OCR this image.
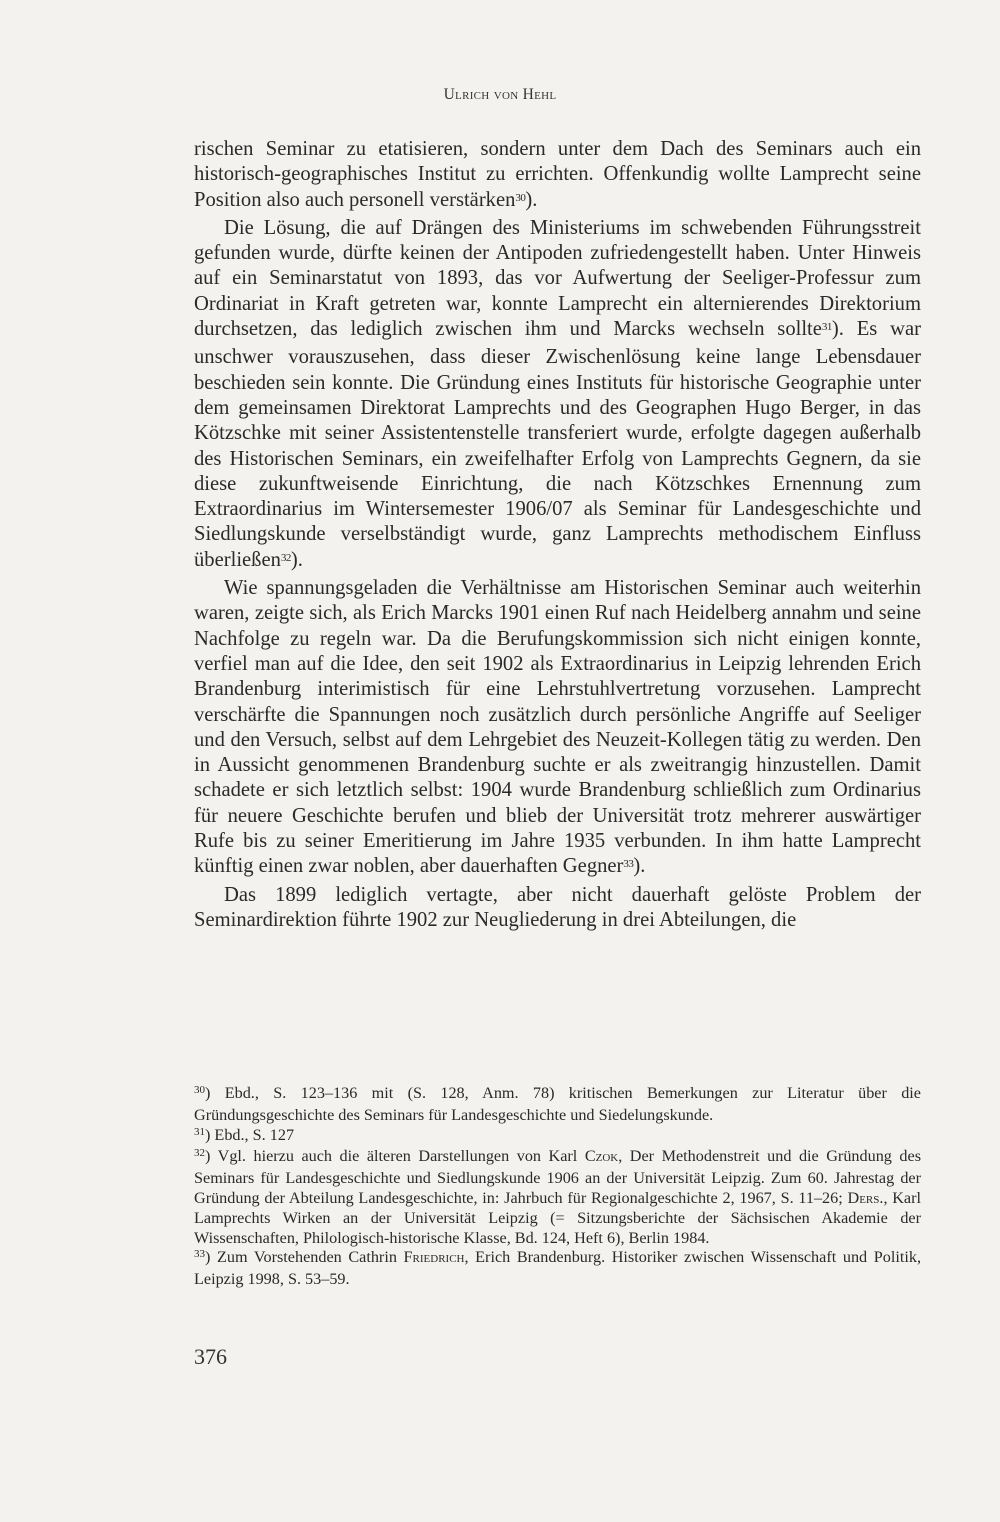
Ulrich von Hehl

rischen Seminar zu etatisieren, sondern unter dem Dach des Seminars auch ein historisch-geographisches Institut zu errichten. Offenkundig wollte Lamprecht seine Position also auch personell verstärken$^{30}$).

Die Lösung, die auf Drängen des Ministeriums im schwebenden Führungsstreit gefunden wurde, dürfte keinen der Antipoden zufriedengestellt haben. Unter Hinweis auf ein Seminarstatut von 1893, das vor Aufwertung der Seeliger-Professur zum Ordinariat in Kraft getreten war, konnte Lamprecht ein alternierendes Direktorium durchsetzen, das lediglich zwischen ihm und Marcks wechseln sollte$^{31}$). Es war unschwer vorauszusehen, dass dieser Zwischenlösung keine lange Lebensdauer beschieden sein konnte. Die Gründung eines Instituts für historische Geographie unter dem gemeinsamen Direktorat Lamprechts und des Geographen Hugo Berger, in das Kötzschke mit seiner Assistentenstelle transferiert wurde, erfolgte dagegen außerhalb des Historischen Seminars, ein zweifelhafter Erfolg von Lamprechts Gegnern, da sie diese zukunftweisende Einrichtung, die nach Kötzschkes Ernennung zum Extraordinarius im Wintersemester 1906/07 als Seminar für Landesgeschichte und Siedlungskunde verselbständigt wurde, ganz Lamprechts methodischem Einfluss überließen$^{32}$).

Wie spannungsgeladen die Verhältnisse am Historischen Seminar auch weiterhin waren, zeigte sich, als Erich Marcks 1901 einen Ruf nach Heidelberg annahm und seine Nachfolge zu regeln war. Da die Berufungskommission sich nicht einigen konnte, verfiel man auf die Idee, den seit 1902 als Extraordinarius in Leipzig lehrenden Erich Brandenburg interimistisch für eine Lehrstuhlvertretung vorzusehen. Lamprecht verschärfte die Spannungen noch zusätzlich durch persönliche Angriffe auf Seeliger und den Versuch, selbst auf dem Lehrgebiet des Neuzeit-Kollegen tätig zu werden. Den in Aussicht genommenen Brandenburg suchte er als zweitrangig hinzustellen. Damit schadete er sich letztlich selbst: 1904 wurde Brandenburg schließlich zum Ordinarius für neuere Geschichte berufen und blieb der Universität trotz mehrerer auswärtiger Rufe bis zu seiner Emeritierung im Jahre 1935 verbunden. In ihm hatte Lamprecht künftig einen zwar noblen, aber dauerhaften Gegner$^{33}$).

Das 1899 lediglich vertagte, aber nicht dauerhaft gelöste Problem der Seminardirektion führte 1902 zur Neugliederung in drei Abteilungen, die

$^{30}$) Ebd., S. 123–136 mit (S. 128, Anm. 78) kritischen Bemerkungen zur Literatur über die Gründungsgeschichte des Seminars für Landesgeschichte und Siedelungskunde.

$^{31}$) Ebd., S. 127

$^{32}$) Vgl. hierzu auch die älteren Darstellungen von Karl Czok, Der Methodenstreit und die Gründung des Seminars für Landesgeschichte und Siedlungskunde 1906 an der Universität Leipzig. Zum 60. Jahrestag der Gründung der Abteilung Landesgeschichte, in: Jahrbuch für Regionalgeschichte 2, 1967, S. 11–26; Ders., Karl Lamprechts Wirken an der Universität Leipzig (= Sitzungsberichte der Sächsischen Akademie der Wissenschaften, Philologisch-historische Klasse, Bd. 124, Heft 6), Berlin 1984.

$^{33}$) Zum Vorstehenden Cathrin Friedrich, Erich Brandenburg. Historiker zwischen Wissenschaft und Politik, Leipzig 1998, S. 53–59.

376
